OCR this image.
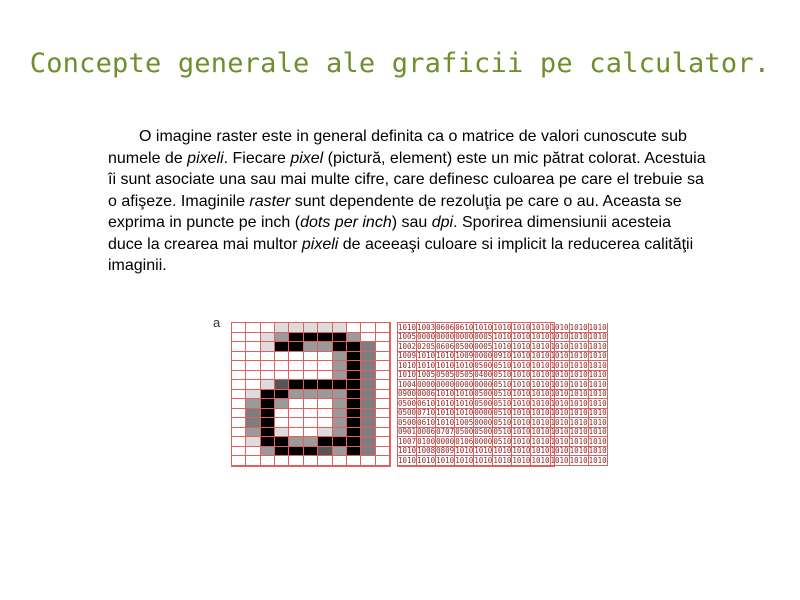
Concepte generale ale graficii pe calculator.

O imagine raster este in general definita ca o matrice de valori cunoscute sub numele de pixeli. Fiecare pixel (pictură, element) este un mic pătrat colorat. Acestuia îi sunt asociate una sau mai multe cifre, care definesc culoarea pe care el trebuie sa o afişeze. Imaginile raster sunt dependente de rezoluţia pe care o au. Aceasta se exprima in puncte pe inch (dots per inch) sau dpi. Sporirea dimensiunii acesteia duce la crearea mai multor pixeli de aceeaşi culoare si implicit la reducerea calităţii imaginii.

a	1010 1003 0606 0610 1010 1010 1010 1010 1010 1010 1010
1005 0000 0000 0000 0005 1010 1010 1010 1010 1010 1010
1002 0205 0606 0500 0005 1010 1010 1010 1010 1010 1010
1009 1010 1010 1009 0000 0910 1010 1010 1010 1010 1010
1010 1010 1010 1010 0500 0510 1010 1010 1010 1010 1010
1010 1005 0505 0505 0400 0510 1010 1010 1010 1010 1010
1004 0000 0000 0000 0000 0510 1010 1010 1010 1010 1010
0900 0006 1010 1010 0500 0510 1010 1010 1010 1010 1010
0500 0610 1010 1010 0500 0510 1010 1010 1010 1010 1010
0500 0710 1010 1010 0000 0510 1010 1010 1010 1010 1010
0500 0610 1010 1005 0000 0510 1010 1010 1010 1010 1010
0901 0006 0707 0500 0500 0510 1010 1010 1010 1010 1010
1007 0100 0000 0106 0000 0510 1010 1010 1010 1010 1010
1010 1008 0809 1010 1010 1010 1010 1010 1010 1010 1010
1010 1010 1010 1010 1010 1010 1010 1010 1010 1010 1010
